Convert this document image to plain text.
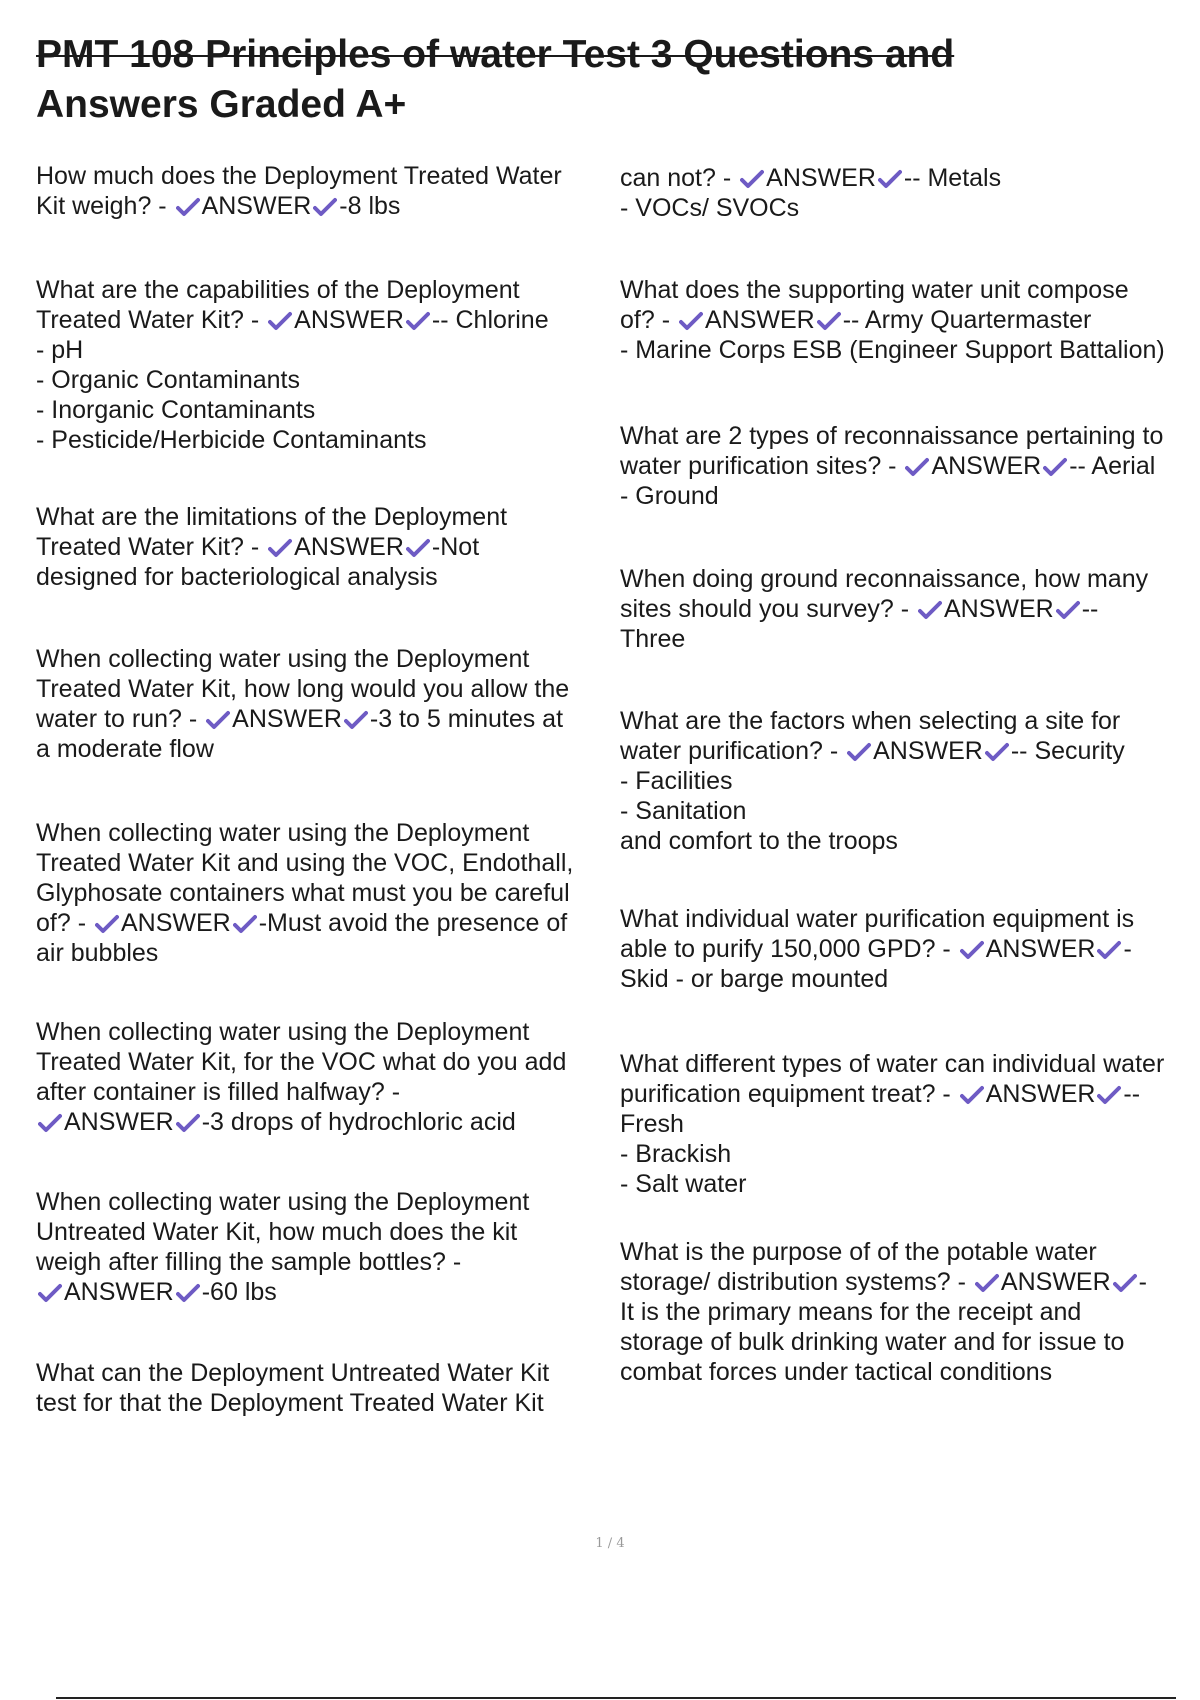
PMT 108 Principles of water Test 3 Questions and
Answers Graded A+
How much does the Deployment Treated Water
Kit weigh? -
ANSWER -8 lbs
What are the capabilities of the Deployment
Treated Water Kit? -
ANSWER -- Chlorine
- pH
- Organic Contaminants
- Inorganic Contaminants
- Pesticide/Herbicide Contaminants
What are the limitations of the Deployment
Treated Water Kit? -
ANSWER -Not
designed for bacteriological analysis
When collecting water using the Deployment
Treated Water Kit, how long would you allow the
water to run? -
ANSWER -3 to 5 minutes at
a moderate flow
When collecting water using the Deployment
Treated Water Kit and using the VOC, Endothall,
Glyphosate containers what must you be careful
of? -
ANSWER -Must avoid the presence of
air bubbles
When collecting water using the Deployment
Treated Water Kit, for the VOC what do you add
after container is filled halfway? -
ANSWER -3 drops of hydrochloric acid
When collecting water using the Deployment
Untreated Water Kit, how much does the kit
weigh after filling the sample bottles? -
ANSWER -60 lbs
What can the Deployment Untreated Water Kit
test for that the Deployment Treated Water Kit
can not? -
ANSWER -- Metals
- VOCs/ SVOCs
What does the supporting water unit compose
of? -
ANSWER -- Army Quartermaster
- Marine Corps ESB (Engineer Support Battalion)
What are 2 types of reconnaissance pertaining to
water purification sites? -
ANSWER -- Aerial
- Ground
When doing ground reconnaissance, how many
sites should you survey? -
ANSWER --
Three
What are the factors when selecting a site for
water purification? -
ANSWER -- Security
- Facilities
- Sanitation
and comfort to the troops
What individual water purification equipment is
able to purify 150,000 GPD? -
ANSWER -
Skid - or barge mounted
What different types of water can individual water
purification equipment treat? -
ANSWER --
Fresh
- Brackish
- Salt water
What is the purpose of of the potable water
storage/ distribution systems? -
ANSWER -
It is the primary means for the receipt and
storage of bulk drinking water and for issue to
combat forces under tactical conditions
1 / 4
